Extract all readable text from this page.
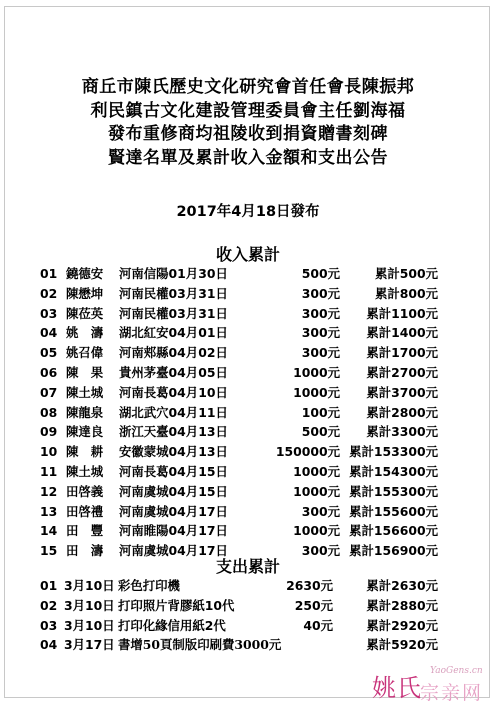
商丘市陳氏歷史文化研究會首任會長陳振邦
利民鎮古文化建設管理委員會主任劉海福
發布重修商均祖陵收到捐資贈書刻碑
賢達名單及累計收入金額和支出公告
2017年4月18日發布
收入累計
01 鐃德安 河南信陽01月30日	500元	累計500元
02 陳懋坤 河南民權03月31日	300元	累計800元
03 陳莅英 河南民權03月31日	300元 累計1100元
04 姚　濤 湖北紅安04月01日	300元 累計1400元
05 姚召偉 河南郏縣04月02日	300元 累計1700元
06 陳　果 貴州茅臺04月05日	1000元 累計2700元
07 陳土城 河南長葛04月10日	1000元 累計3700元
08 陳龍泉 湖北武穴04月11日	100元 累計2800元
09 陳達良 浙江天臺04月13日	500元 累計3300元
10 陳　耕 安徽蒙城04月13日	150000元 累計153300元
11 陳土城 河南長葛04月15日	1000元 累計154300元
12 田啓義 河南虞城04月15日	1000元 累計155300元
13 田啓禮 河南虞城04月17日	300元 累計155600元
14 田　豐 河南睢陽04月17日	1000元 累計156600元
15 田　濤 河南虞城04月17日	300元 累計156900元
支出累計
01 3月10日 彩色打印機	2630元	累計2630元
02 3月10日 打印照片背膠紙10代	250元	累計2880元
03 3月10日 打印化緣信用紙2代	40元	累計2920元
04 3月17日 書增50頁制版印刷費3000元	累計5920元
姚氏
YaoGens.cn
宗亲网
